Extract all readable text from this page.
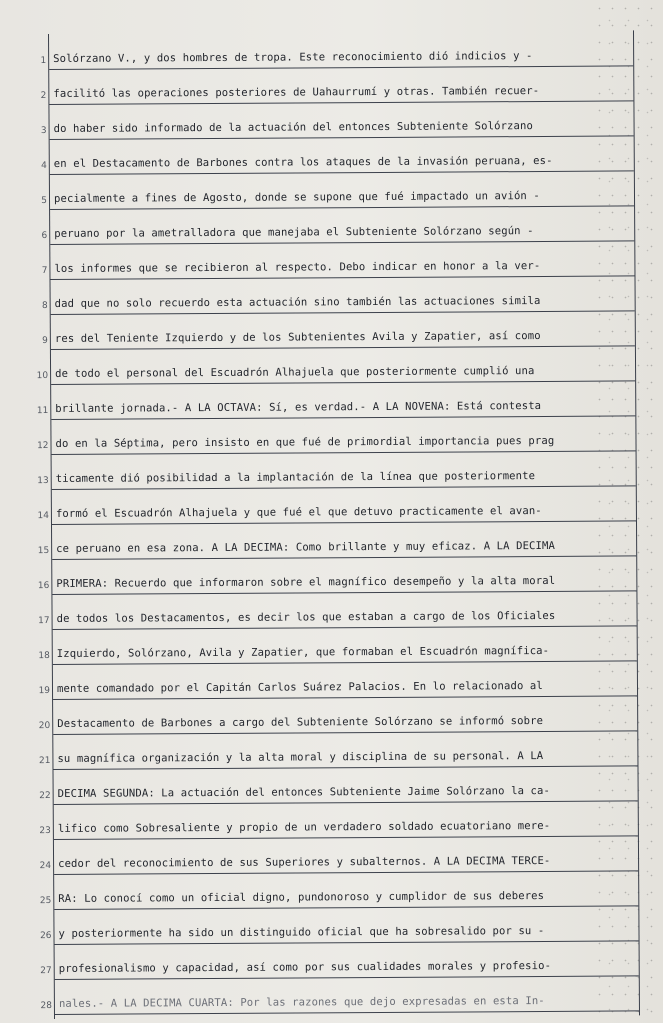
1 Solórzano V., y dos hombres de tropa. Este reconocimiento dió indicios y -
2 facilitó las operaciones posteriores de Uahaurrumí y otras. También recuer-
3 do haber sido informado de la actuación del entonces Subteniente Solórzano
4 en el Destacamento de Barbones contra los ataques de la invasión peruana, es-
5 pecialmente a fines de Agosto, donde se supone que fué impactado un avión -
6 peruano por la ametralladora que manejaba el Subteniente Solórzano según -
7 los informes que se recibieron al respecto. Debo indicar en honor a la ver-
8 dad que no solo recuerdo esta actuación sino también las actuaciones simila
9 res del Teniente Izquierdo y de los Subtenientes Avila y Zapatier, así como
10 de todo el personal del Escuadrón Alhajuela que posteriormente cumplió una
11 brillante jornada.- A LA OCTAVA: Sí, es verdad.- A LA NOVENA: Está contesta
12 do en la Séptima, pero insisto en que fué de primordial importancia pues prag
13 ticamente dió posibilidad a la implantación de la línea que posteriormente
14 formó el Escuadrón Alhajuela y que fué el que detuvo practicamente el avan-
15 ce peruano en esa zona. A LA DECIMA: Como brillante y muy eficaz. A LA DECIMA
16 PRIMERA: Recuerdo que informaron sobre el magnífico desempeño y la alta moral
17 de todos los Destacamentos, es decir los que estaban a cargo de los Oficiales
18 Izquierdo, Solórzano, Avila y Zapatier, que formaban el Escuadrón magnífica-
19 mente comandado por el Capitán Carlos Suárez Palacios. En lo relacionado al
20 Destacamento de Barbones a cargo del Subteniente Solórzano se informó sobre
21 su magnífica organización y la alta moral y disciplina de su personal. A LA
22 DECIMA SEGUNDA: La actuación del entonces Subteniente Jaime Solórzano la ca-
23 lifico como Sobresaliente y propio de un verdadero soldado ecuatoriano mere-
24 cedor del reconocimiento de sus Superiores y subalternos. A LA DECIMA TERCE-
25 RA: Lo conocí como un oficial digno, pundonoroso y cumplidor de sus deberes
26 y posteriormente ha sido un distinguido oficial que ha sobresalido por su -
27 profesionalismo y capacidad, así como por sus cualidades morales y profesio-
28 nales.- A LA DECIMA CUARTA: Por las razones que dejo expresadas en esta In-
